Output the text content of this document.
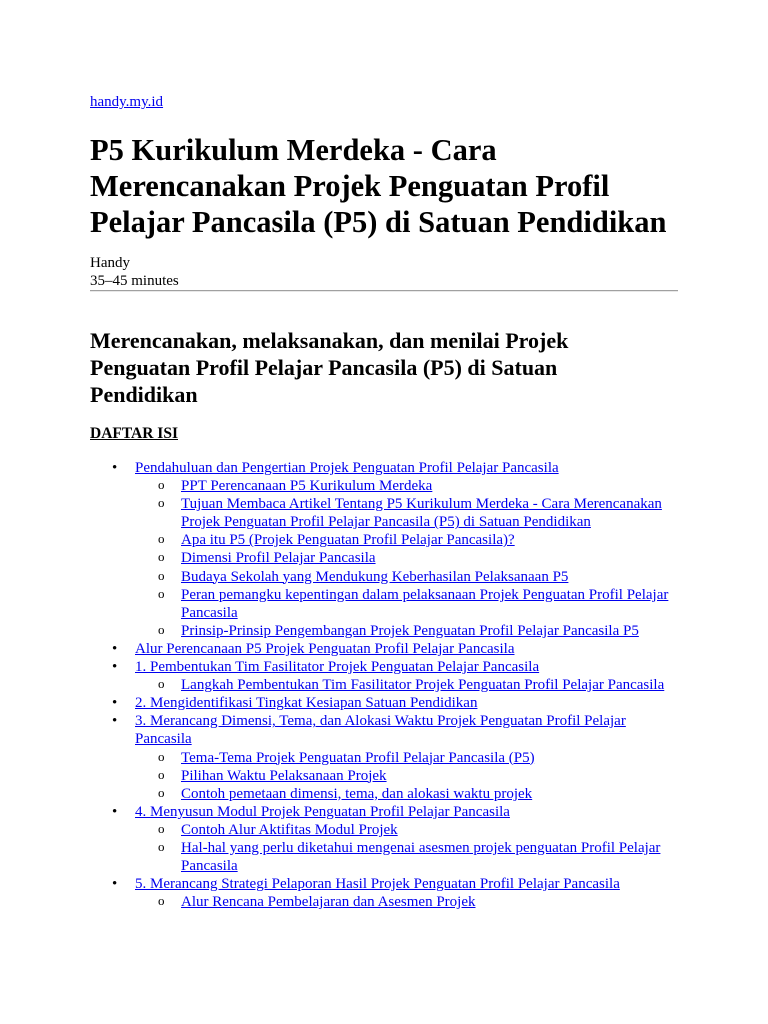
handy.my.id
P5 Kurikulum Merdeka - Cara Merencanakan Projek Penguatan Profil Pelajar Pancasila (P5) di Satuan Pendidikan
Handy
35–45 minutes
Merencanakan, melaksanakan, dan menilai Projek Penguatan Profil Pelajar Pancasila (P5) di Satuan Pendidikan
DAFTAR ISI
• Pendahuluan dan Pengertian Projek Penguatan Profil Pelajar Pancasila
o PPT Perencanaan P5 Kurikulum Merdeka
o Tujuan Membaca Artikel Tentang P5 Kurikulum Merdeka - Cara Merencanakan Projek Penguatan Profil Pelajar Pancasila (P5) di Satuan Pendidikan
o Apa itu P5 (Projek Penguatan Profil Pelajar Pancasila)?
o Dimensi Profil Pelajar Pancasila
o Budaya Sekolah yang Mendukung Keberhasilan Pelaksanaan P5
o Peran pemangku kepentingan dalam pelaksanaan Projek Penguatan Profil Pelajar Pancasila
o Prinsip-Prinsip Pengembangan Projek Penguatan Profil Pelajar Pancasila P5
• Alur Perencanaan P5 Projek Penguatan Profil Pelajar Pancasila
• 1. Pembentukan Tim Fasilitator Projek Penguatan Pelajar Pancasila
o Langkah Pembentukan Tim Fasilitator Projek Penguatan Profil Pelajar Pancasila
• 2. Mengidentifikasi Tingkat Kesiapan Satuan Pendidikan
• 3. Merancang Dimensi, Tema, dan Alokasi Waktu Projek Penguatan Profil Pelajar Pancasila
o Tema-Tema Projek Penguatan Profil Pelajar Pancasila (P5)
o Pilihan Waktu Pelaksanaan Projek
o Contoh pemetaan dimensi, tema, dan alokasi waktu projek
• 4. Menyusun Modul Projek Penguatan Profil Pelajar Pancasila
o Contoh Alur Aktifitas Modul Projek
o Hal-hal yang perlu diketahui mengenai asesmen projek penguatan Profil Pelajar Pancasila
• 5. Merancang Strategi Pelaporan Hasil Projek Penguatan Profil Pelajar Pancasila
o Alur Rencana Pembelajaran dan Asesmen Projek
